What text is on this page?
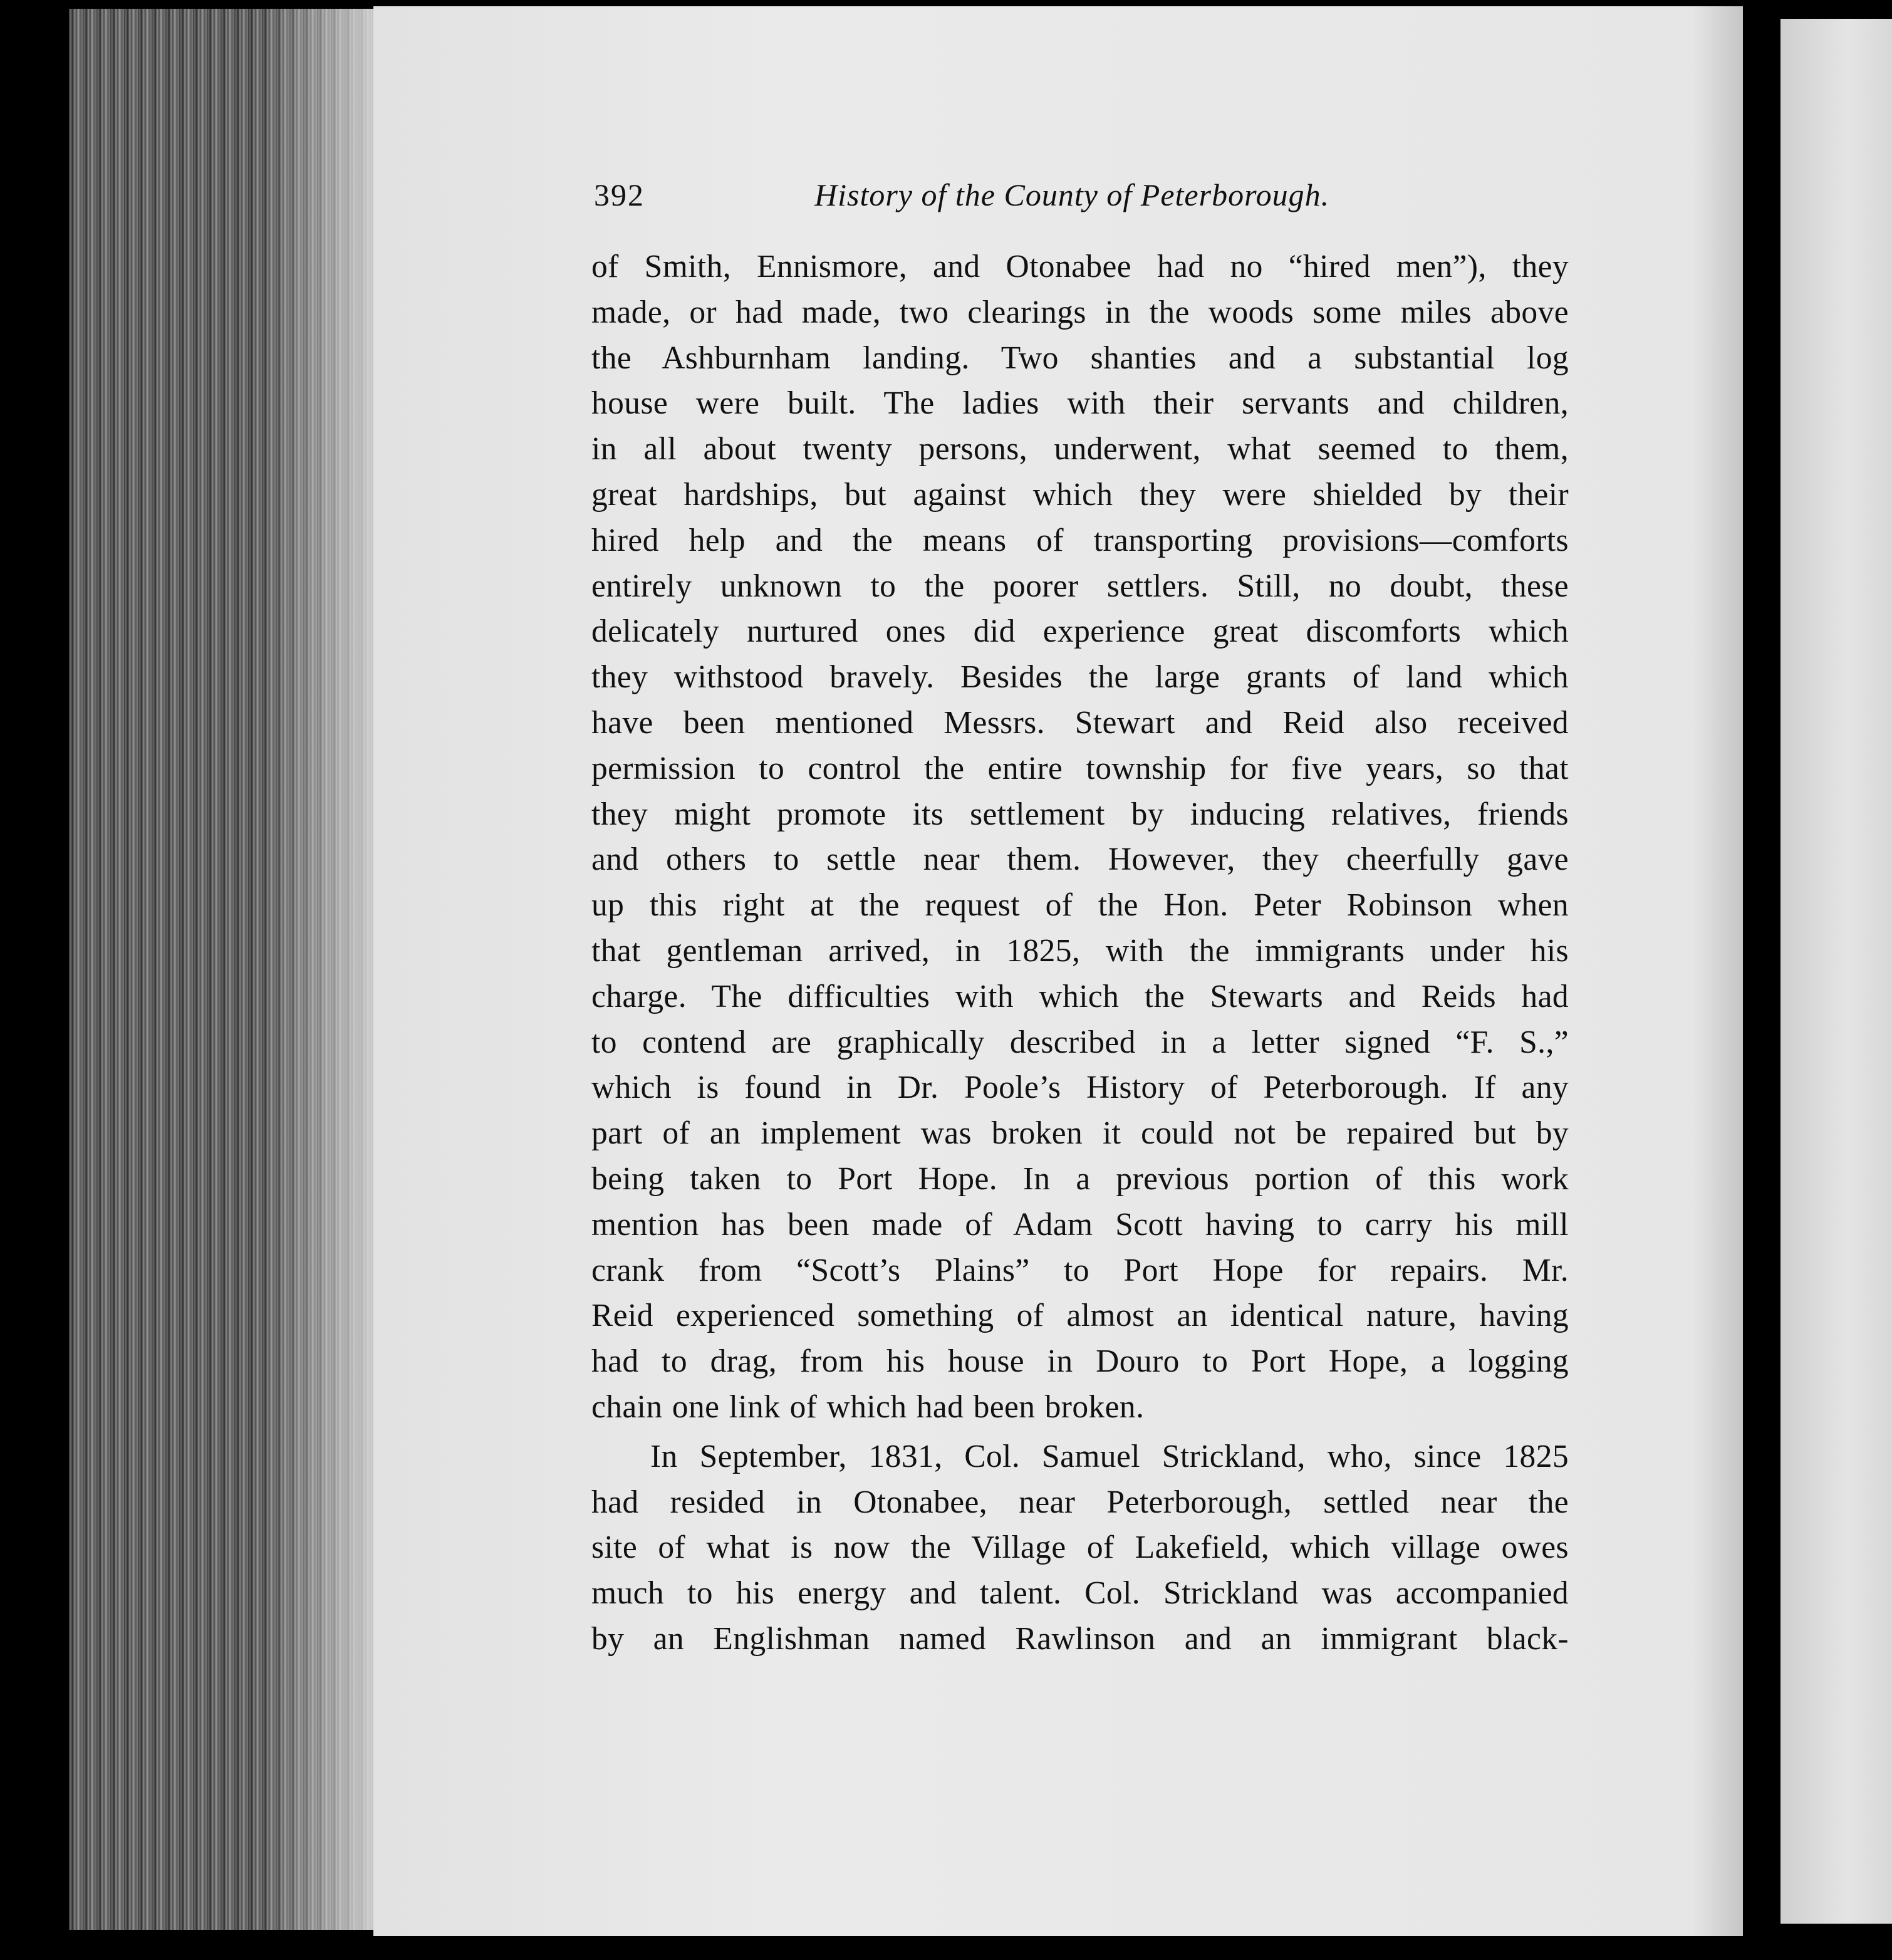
392	History of the County of Peterborough.
of Smith, Ennismore, and Otonabee had no “hired men”), they
made, or had made, two clearings in the woods some miles above
the Ashburnham landing. Two shanties and a substantial log
house were built. The ladies with their servants and children,
in all about twenty persons, underwent, what seemed to them,
great hardships, but against which they were shielded by their
hired help and the means of transporting provisions—comforts
entirely unknown to the poorer settlers. Still, no doubt, these
delicately nurtured ones did experience great discomforts which
they withstood bravely. Besides the large grants of land which
have been mentioned Messrs. Stewart and Reid also received
permission to control the entire township for five years, so that
they might promote its settlement by inducing relatives, friends
and others to settle near them. However, they cheerfully gave
up this right at the request of the Hon. Peter Robinson when
that gentleman arrived, in 1825, with the immigrants under his
charge. The difficulties with which the Stewarts and Reids had
to contend are graphically described in a letter signed “F. S.,”
which is found in Dr. Poole’s History of Peterborough. If any
part of an implement was broken it could not be repaired but by
being taken to Port Hope. In a previous portion of this work
mention has been made of Adam Scott having to carry his mill
crank from “Scott’s Plains” to Port Hope for repairs. Mr.
Reid experienced something of almost an identical nature, having
had to drag, from his house in Douro to Port Hope, a logging
chain one link of which had been broken.
In September, 1831, Col. Samuel Strickland, who, since 1825
had resided in Otonabee, near Peterborough, settled near the
site of what is now the Village of Lakefield, which village owes
much to his energy and talent. Col. Strickland was accompanied
by an Englishman named Rawlinson and an immigrant black-
